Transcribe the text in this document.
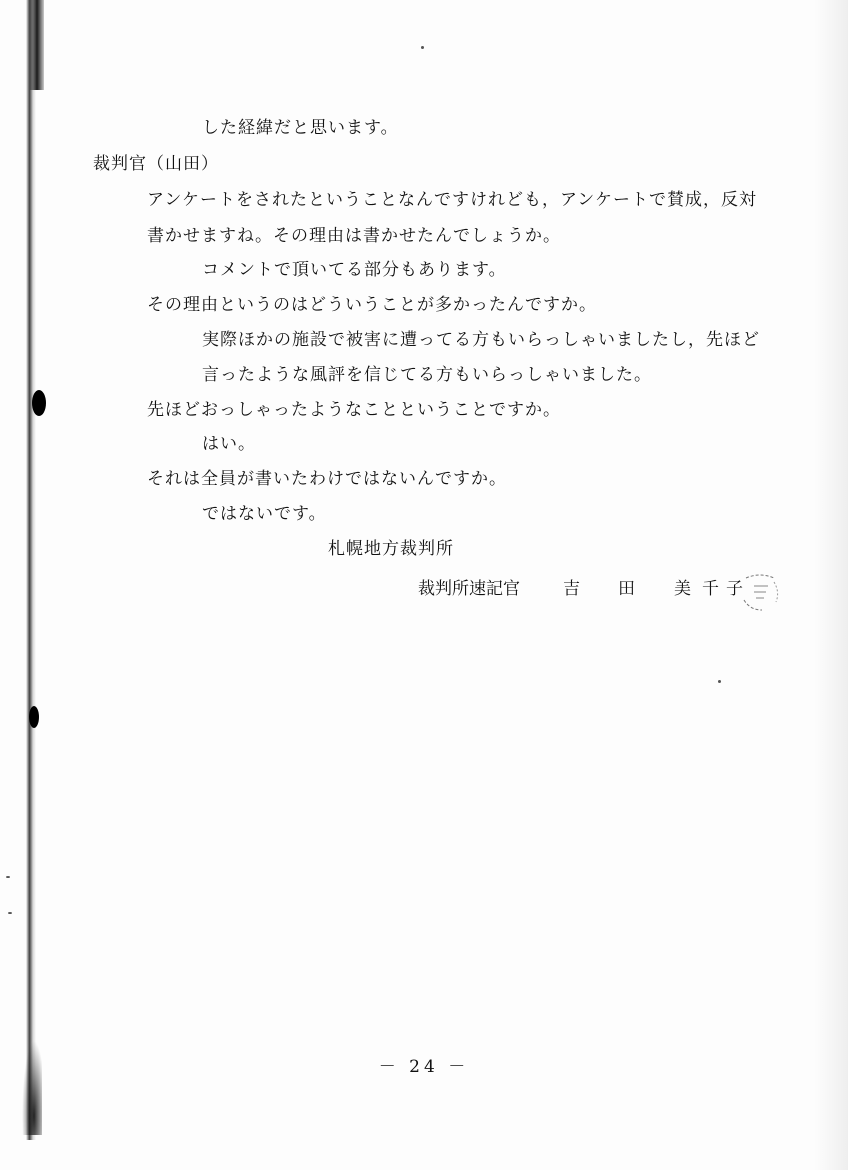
した経緯だと思います。
裁判官（山田）
アンケートをされたということなんですけれども，アンケートで賛成，反対
書かせますね。その理由は書かせたんでしょうか。
コメントで頂いてる部分もあります。
その理由というのはどういうことが多かったんですか。
実際ほかの施設で被害に遭ってる方もいらっしゃいましたし，先ほど
言ったような風評を信じてる方もいらっしゃいました。
先ほどおっしゃったようなことということですか。
はい。
それは全員が書いたわけではないんですか。
ではないです。
札幌地方裁判所
裁判所速記官	吉 田 美 千 子
－ 24 －
